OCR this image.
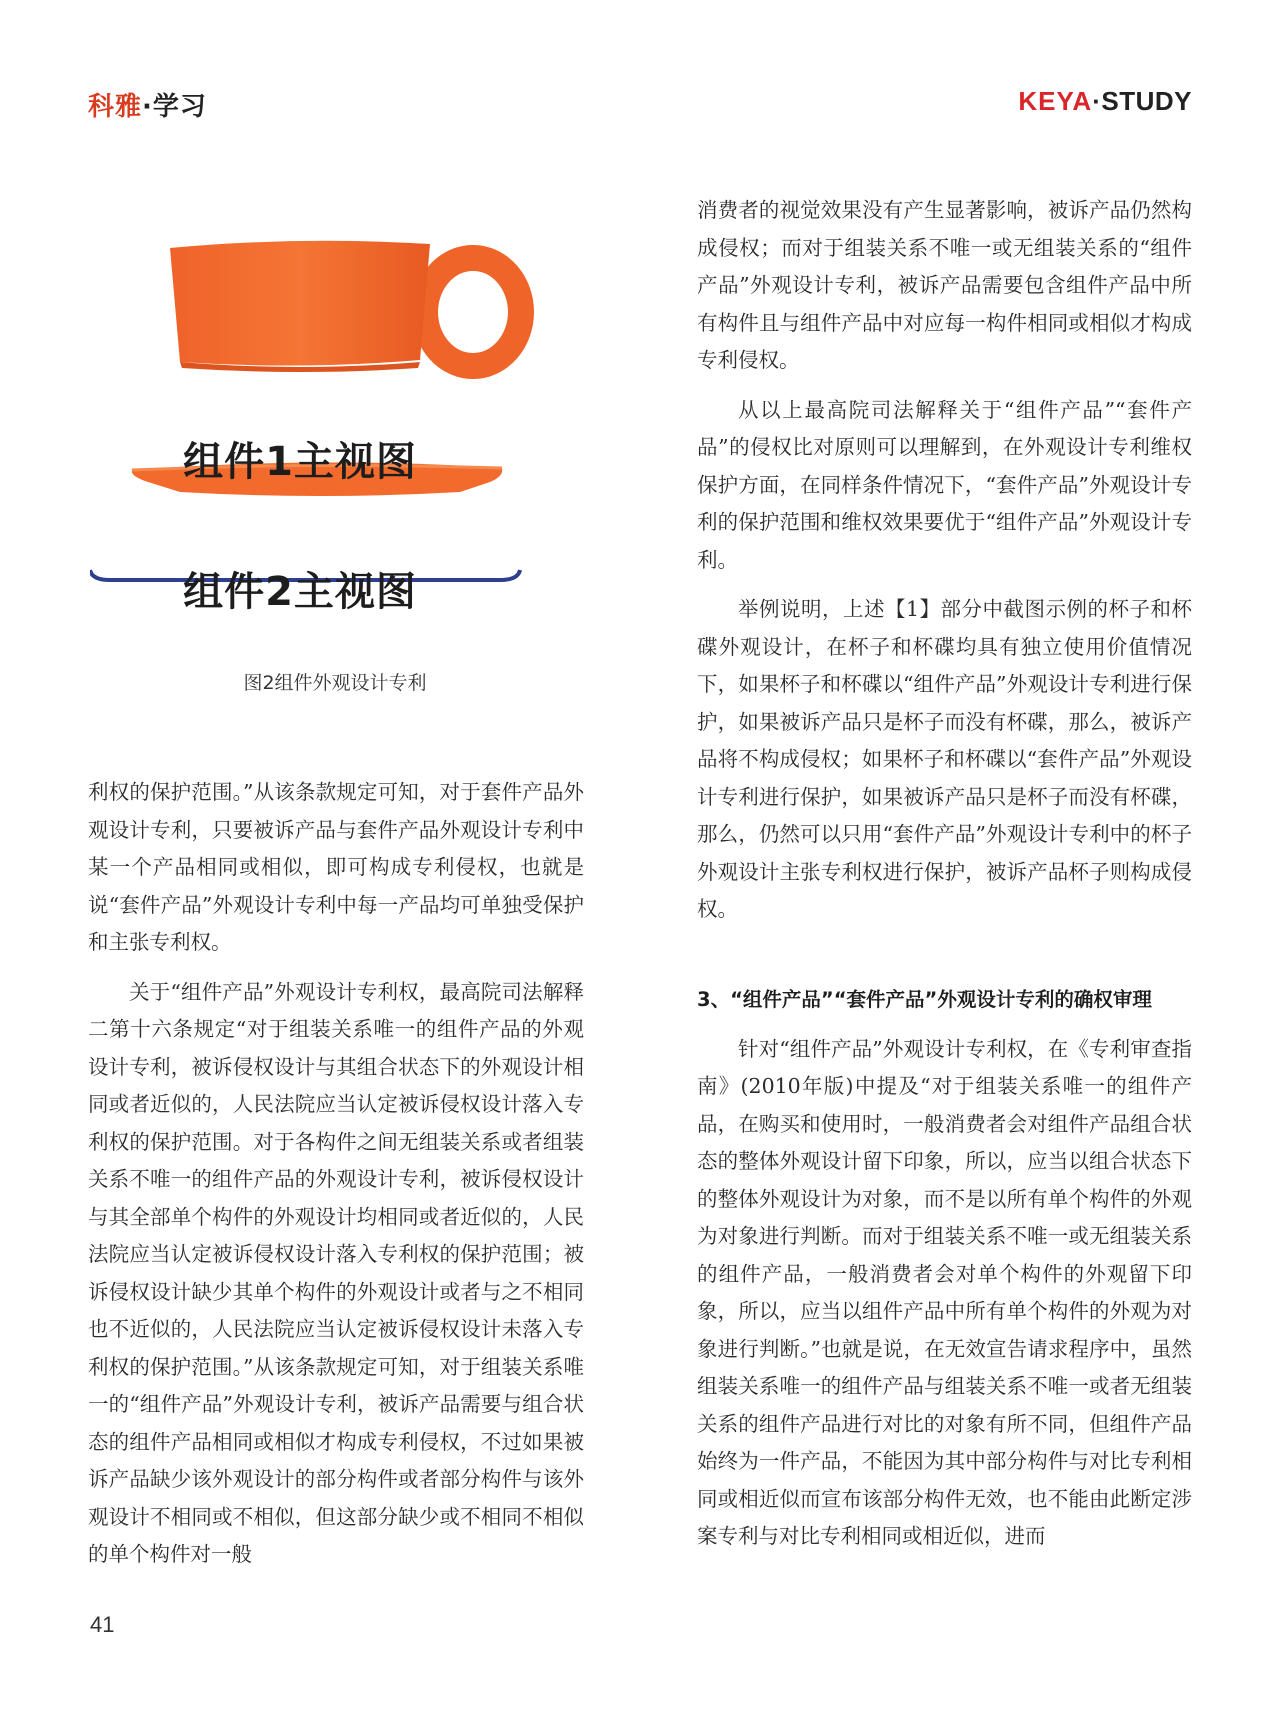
科雅·学习	KEYA·STUDY
组件1主视图
组件2主视图
图2组件外观设计专利

利权的保护范围。”从该条款规定可知，对于套件产品外观设计专利，只要被诉产品与套件产品外观设计专利中某一个产品相同或相似，即可构成专利侵权，也就是说“套件产品”外观设计专利中每一产品均可单独受保护和主张专利权。

关于“组件产品”外观设计专利权，最高院司法解释二第十六条规定“对于组装关系唯一的组件产品的外观设计专利，被诉侵权设计与其组合状态下的外观设计相同或者近似的，人民法院应当认定被诉侵权设计落入专利权的保护范围。对于各构件之间无组装关系或者组装关系不唯一的组件产品的外观设计专利，被诉侵权设计与其全部单个构件的外观设计均相同或者近似的，人民法院应当认定被诉侵权设计落入专利权的保护范围；被诉侵权设计缺少其单个构件的外观设计或者与之不相同也不近似的，人民法院应当认定被诉侵权设计未落入专利权的保护范围。”从该条款规定可知，对于组装关系唯一的“组件产品”外观设计专利，被诉产品需要与组合状态的组件产品相同或相似才构成专利侵权，不过如果被诉产品缺少该外观设计的部分构件或者部分构件与该外观设计不相同或不相似，但这部分缺少或不相同不相似的单个构件对一般

消费者的视觉效果没有产生显著影响，被诉产品仍然构成侵权；而对于组装关系不唯一或无组装关系的“组件产品”外观设计专利，被诉产品需要包含组件产品中所有构件且与组件产品中对应每一构件相同或相似才构成专利侵权。

从以上最高院司法解释关于“组件产品”“套件产品”的侵权比对原则可以理解到，在外观设计专利维权保护方面，在同样条件情况下，“套件产品”外观设计专利的保护范围和维权效果要优于“组件产品”外观设计专利。

举例说明，上述【1】部分中截图示例的杯子和杯碟外观设计，在杯子和杯碟均具有独立使用价值情况下，如果杯子和杯碟以“组件产品”外观设计专利进行保护，如果被诉产品只是杯子而没有杯碟，那么，被诉产品将不构成侵权；如果杯子和杯碟以“套件产品”外观设计专利进行保护，如果被诉产品只是杯子而没有杯碟，那么，仍然可以只用“套件产品”外观设计专利中的杯子外观设计主张专利权进行保护，被诉产品杯子则构成侵权。

3、“组件产品”“套件产品”外观设计专利的确权审理

针对“组件产品”外观设计专利权，在《专利审查指南》(2010年版)中提及“对于组装关系唯一的组件产品，在购买和使用时，一般消费者会对组件产品组合状态的整体外观设计留下印象，所以，应当以组合状态下的整体外观设计为对象，而不是以所有单个构件的外观为对象进行判断。而对于组装关系不唯一或无组装关系的组件产品，一般消费者会对单个构件的外观留下印象，所以，应当以组件产品中所有单个构件的外观为对象进行判断。”也就是说，在无效宣告请求程序中，虽然组装关系唯一的组件产品与组装关系不唯一或者无组装关系的组件产品进行对比的对象有所不同，但组件产品始终为一件产品，不能因为其中部分构件与对比专利相同或相近似而宣布该部分构件无效，也不能由此断定涉案专利与对比专利相同或相近似，进而

41
